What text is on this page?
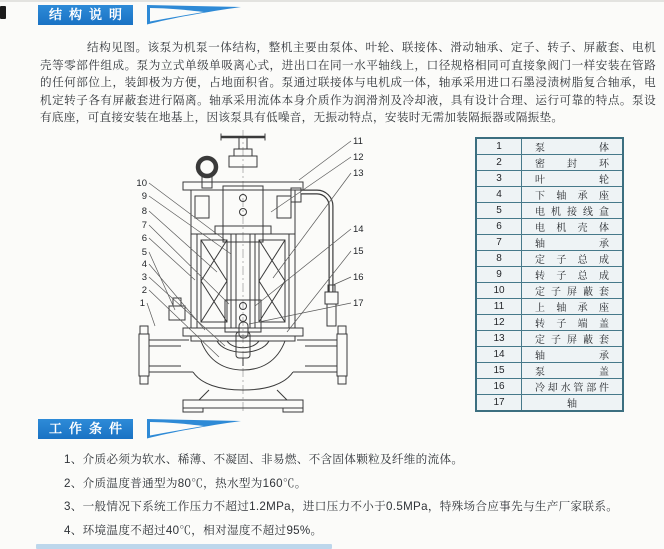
结构说明

结构见图。该泵为机泵一体结构，整机主要由泵体、叶轮、联接体、滑动轴承、定子、转子、屏蔽套、电机壳等零部件组成。泵为立式单级单吸离心式，进出口在同一水平轴线上，口径规格相同可直接象阀门一样安装在管路的任何部位上，装卸极为方便，占地面积省。泵通过联接体与电机成一体，轴承采用进口石墨浸渍树脂复合轴承，电机定转子各有屏蔽套进行隔离。轴承采用流体本身介质作为润滑剂及冷却液，具有设计合理、运行可靠的特点。泵设有底座，可直接安装在地基上，因该泵具有低噪音，无振动特点，安装时无需加装隔振器或隔振垫。

10
9
8
7
6
5
4
3
2
1
11
12
13
14
15
16
17
1	泵 体

2	密 封 环

3	叶 轮

4	下 轴 承 座

5	电 机 接 线 盒

6	电 机 壳 体

7	轴 承

8	定 子 总 成

9	转 子 总 成

10	定 子 屏 蔽 套

11	上 轴 承 座

12	转 子 端 盖

13	定 子 屏 蔽 套

14	轴 承

15	泵 盖

16	冷 却 水 管 部 件

17	轴
工作条件
1、介质必须为软水、稀薄、不凝固、非易燃、不含固体颗粒及纤维的流体。
2、介质温度普通型为80℃，热水型为160℃。
3、一般情况下系统工作压力不超过1.2MPa，进口压力不小于0.5MPa，特殊场合应事先与生产厂家联系。
4、环境温度不超过40℃，相对湿度不超过95%。
